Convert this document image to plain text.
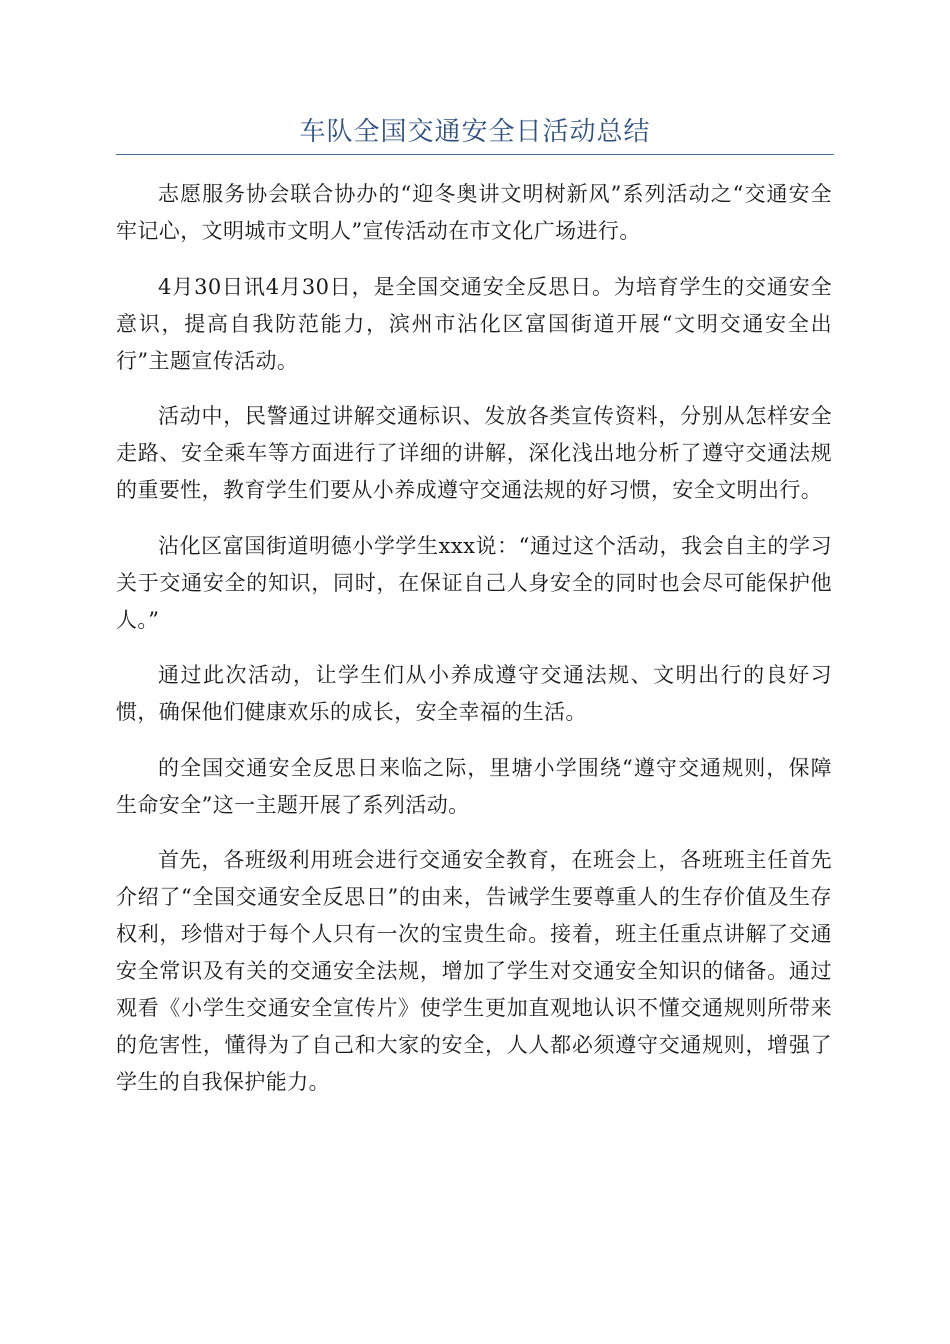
车队全国交通安全日活动总结

志愿服务协会联合协办的“迎冬奥讲文明树新风”系列活动之“交通安全牢记心，文明城市文明人”宣传活动在市文化广场进行。

4月30日讯4月30日，是全国交通安全反思日。为培育学生的交通安全意识，提高自我防范能力，滨州市沾化区富国街道开展“文明交通安全出行”主题宣传活动。

活动中，民警通过讲解交通标识、发放各类宣传资料，分别从怎样安全走路、安全乘车等方面进行了详细的讲解，深化浅出地分析了遵守交通法规的重要性，教育学生们要从小养成遵守交通法规的好习惯，安全文明出行。

沾化区富国街道明德小学学生xxx说：“通过这个活动，我会自主的学习关于交通安全的知识，同时，在保证自己人身安全的同时也会尽可能保护他人。”

通过此次活动，让学生们从小养成遵守交通法规、文明出行的良好习惯，确保他们健康欢乐的成长，安全幸福的生活。

的全国交通安全反思日来临之际，里塘小学围绕“遵守交通规则，保障生命安全”这一主题开展了系列活动。

首先，各班级利用班会进行交通安全教育，在班会上，各班班主任首先介绍了“全国交通安全反思日”的由来，告诫学生要尊重人的生存价值及生存权利，珍惜对于每个人只有一次的宝贵生命。接着，班主任重点讲解了交通安全常识及有关的交通安全法规，增加了学生对交通安全知识的储备。通过观看《小学生交通安全宣传片》使学生更加直观地认识不懂交通规则所带来的危害性，懂得为了自己和大家的安全，人人都必须遵守交通规则，增强了学生的自我保护能力。
